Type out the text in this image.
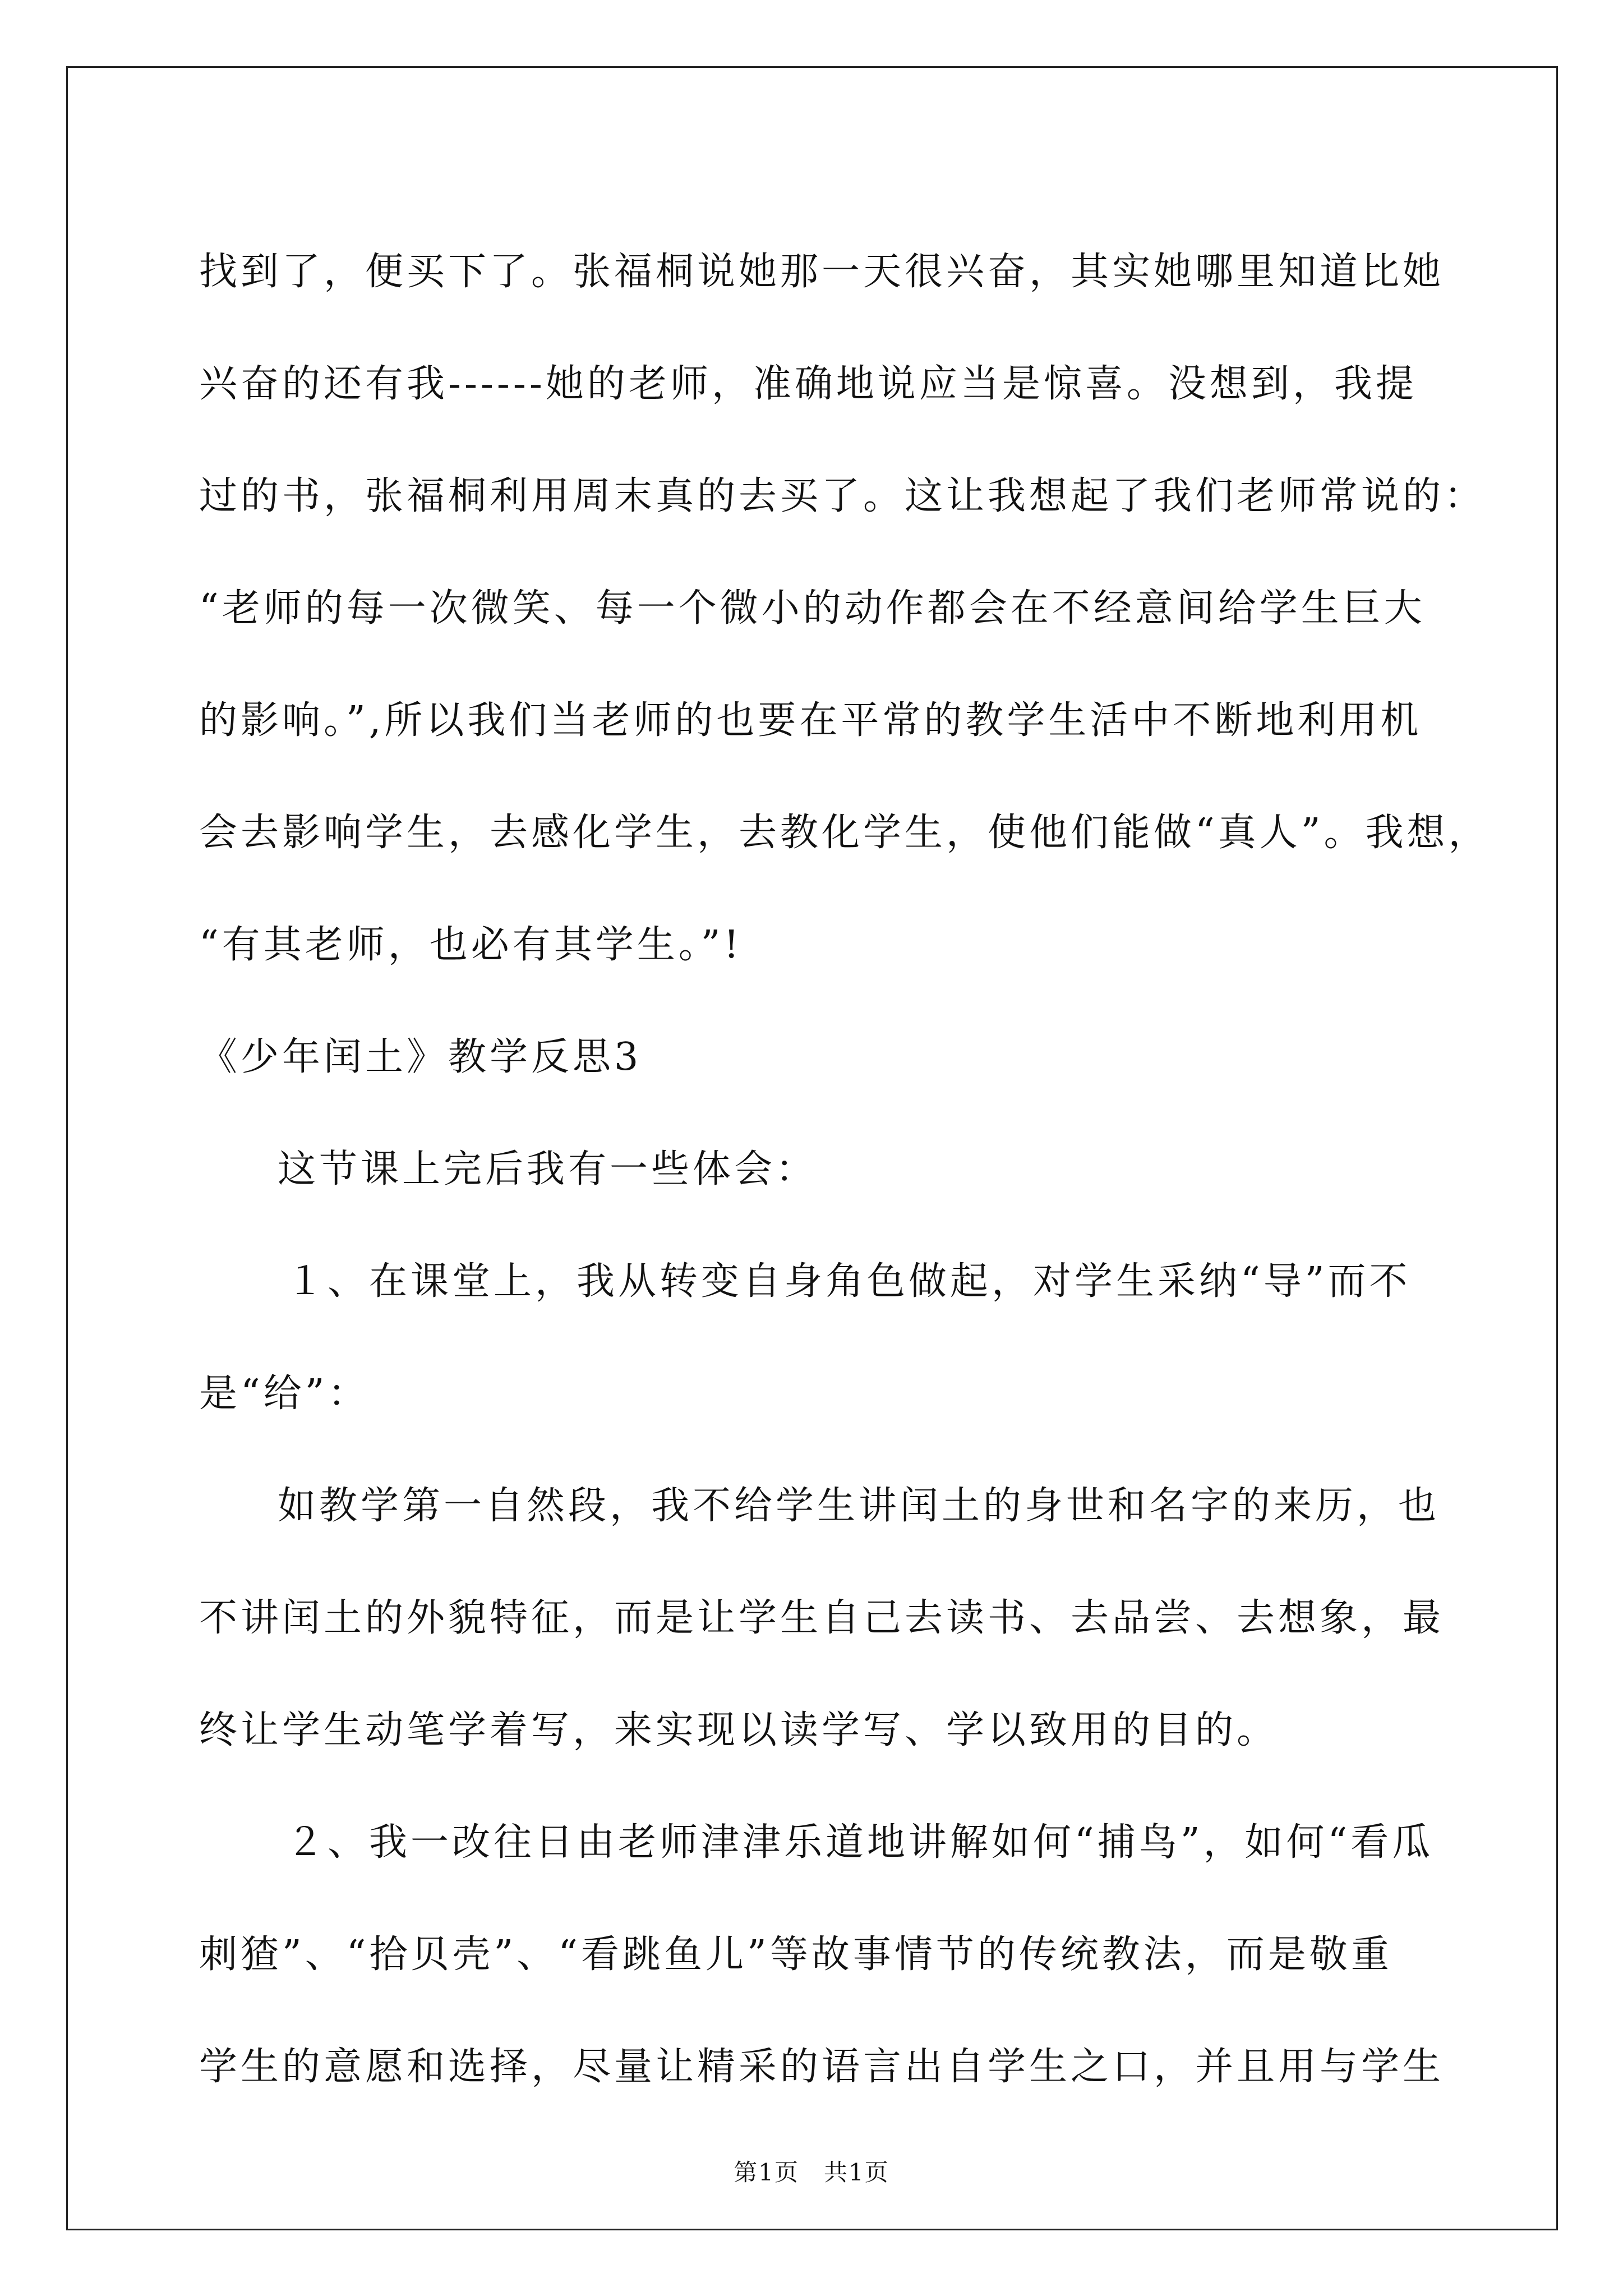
找到了，便买下了。张福桐说她那一天很兴奋，其实她哪里知道比她
兴奋的还有我------她的老师，准确地说应当是惊喜。没想到，我提
过的书，张福桐利用周末真的去买了。这让我想起了我们老师常说的：
“老师的每一次微笑、每一个微小的动作都会在不经意间给学生巨大
的影响。”,所以我们当老师的也要在平常的教学生活中不断地利用机
会去影响学生，去感化学生，去教化学生，使他们能做“真人”。我想，
“有其老师，也必有其学生。”!
《少年闰土》教学反思3
这节课上完后我有一些体会：
１、在课堂上，我从转变自身角色做起，对学生采纳“导”而不
是“给”：
如教学第一自然段，我不给学生讲闰土的身世和名字的来历，也
不讲闰土的外貌特征，而是让学生自己去读书、去品尝、去想象，最
终让学生动笔学着写，来实现以读学写、学以致用的目的。
２、我一改往日由老师津津乐道地讲解如何“捕鸟”，如何“看瓜
刺猹”、“拾贝壳”、“看跳鱼儿”等故事情节的传统教法，而是敬重
学生的意愿和选择，尽量让精采的语言出自学生之口，并且用与学生
第1页　共1页
